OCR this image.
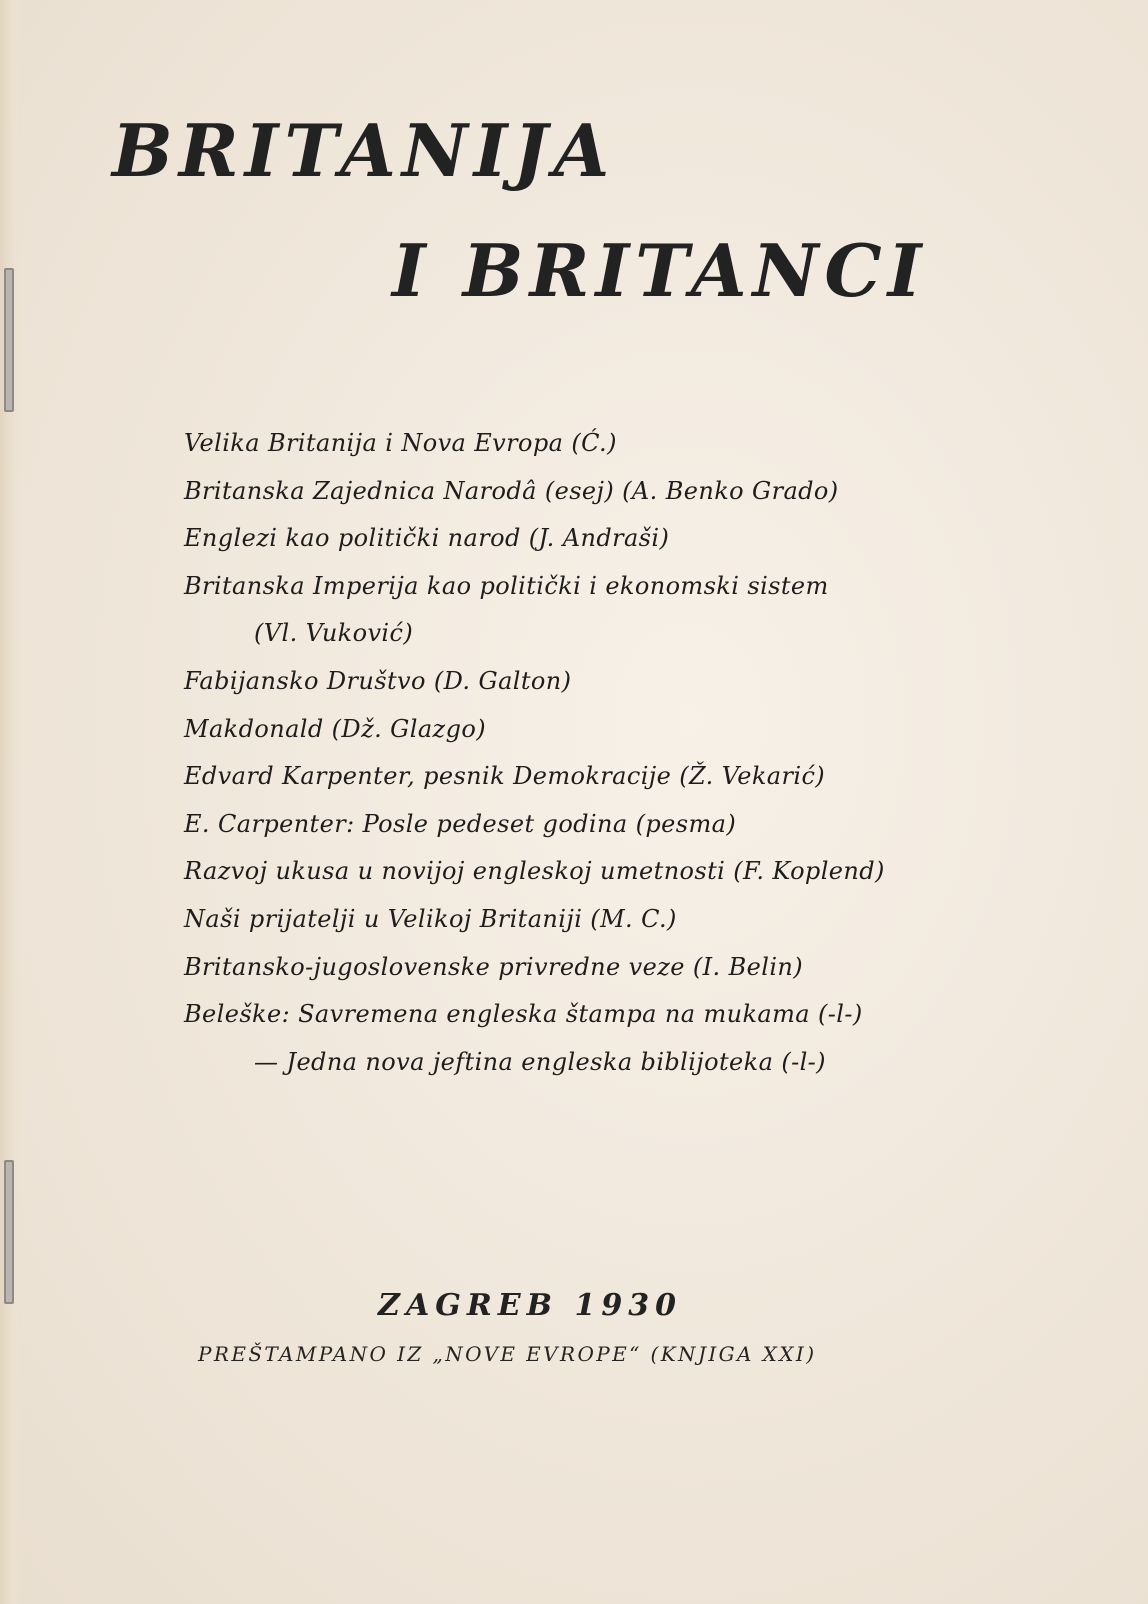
BRITANIJA
I BRITANCI
Velika Britanija i Nova Evropa (Ć.)
Britanska Zajednica Narodâ (esej) (A. Benko Grado)
Englezi kao politički narod (J. Andraši)
Britanska Imperija kao politički i ekonomski sistem
(Vl. Vuković)
Fabijansko Društvo (D. Galton)
Makdonald (Dž. Glazgo)
Edvard Karpenter, pesnik Demokracije (Ž. Vekarić)
E. Carpenter: Posle pedeset godina (pesma)
Razvoj ukusa u novijoj engleskoj umetnosti (F. Koplend)
Naši prijatelji u Velikoj Britaniji (M. C.)
Britansko-jugoslovenske privredne veze (I. Belin)
Beleške: Savremena engleska štampa na mukama (-l-)
— Jedna nova jeftina engleska biblijoteka (-l-)
ZAGREB 1930
PREŠTAMPANO IZ „NOVE EVROPE“ (KNJIGA XXI)
